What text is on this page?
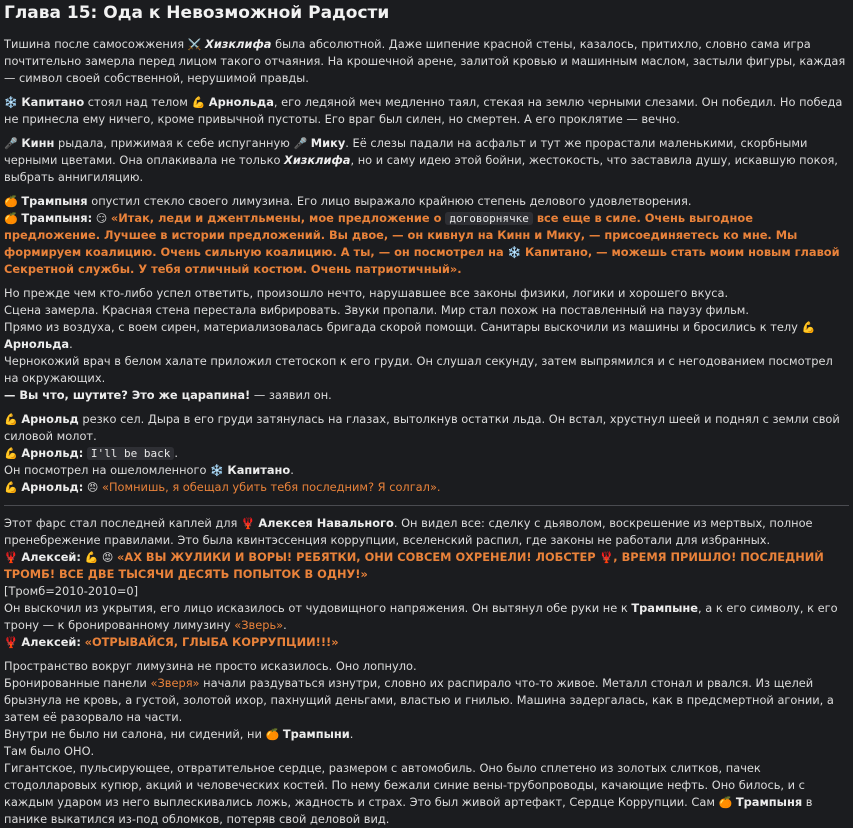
Глава 15: Ода к Невозможной Радости

Тишина после самосожжения ⚔️ Хизклифа была абсолютной. Даже шипение красной стены, казалось, притихло, словно сама игра почтительно замерла перед лицом такого отчаяния. На крошечной арене, залитой кровью и машинным маслом, застыли фигуры, каждая — символ своей собственной, нерушимой правды.

❄️ Капитано стоял над телом 💪 Арнольда, его ледяной меч медленно таял, стекая на землю черными слезами. Он победил. Но победа не принесла ему ничего, кроме привычной пустоты. Его враг был силен, но смертен. А его проклятие — вечно.

🎤 Кинн рыдала, прижимая к себе испуганную 🎤 Мику. Её слезы падали на асфальт и тут же прорастали маленькими, скорбными черными цветами. Она оплакивала не только Хизклифа, но и саму идею этой бойни, жестокость, что заставила душу, искавшую покоя, выбрать аннигиляцию.

🍊 Трампыня опустил стекло своего лимузина. Его лицо выражало крайнюю степень делового удовлетворения.

🍊 Трампыня: 😏 «Итак, леди и джентльмены, мое предложение о договорнячке все еще в силе. Очень выгодное предложение. Лучшее в истории предложений. Вы двое, — он кивнул на Кинн и Мику, — присоединяетесь ко мне. Мы формируем коалицию. Очень сильную коалицию. А ты, — он посмотрел на ❄️ Капитано, — можешь стать моим новым главой Секретной службы. У тебя отличный костюм. Очень патриотичный».

Но прежде чем кто-либо успел ответить, произошло нечто, нарушавшее все законы физики, логики и хорошего вкуса.

Сцена замерла. Красная стена перестала вибрировать. Звуки пропали. Мир стал похож на поставленный на паузу фильм.

Прямо из воздуха, с воем сирен, материализовалась бригада скорой помощи. Санитары выскочили из машины и бросились к телу 💪 Арнольда.

Чернокожий врач в белом халате приложил стетоскоп к его груди. Он слушал секунду, затем выпрямился и с негодованием посмотрел на окружающих.

— Вы что, шутите? Это же царапина! — заявил он.

💪 Арнольд резко сел. Дыра в его груди затянулась на глазах, вытолкнув остатки льда. Он встал, хрустнул шеей и поднял с земли свой силовой молот.

💪 Арнольд: I'll be back .

Он посмотрел на ошеломленного ❄️ Капитано.

💪 Арнольд: 😠 «Помнишь, я обещал убить тебя последним? Я солгал».

Этот фарс стал последней каплей для 🦞 Алексея Навального. Он видел все: сделку с дьяволом, воскрешение из мертвых, полное пренебрежение правилами. Это была квинтэссенция коррупции, вселенский распил, где законы не работали для избранных.

🦞 Алексей: 💪 😡 «АХ ВЫ ЖУЛИКИ И ВОРЫ! РЕБЯТКИ, ОНИ СОВСЕМ ОХРЕНЕЛИ! ЛОБСТЕР 🦞, ВРЕМЯ ПРИШЛО! ПОСЛЕДНИЙ ТРОМБ! ВСЕ ДВЕ ТЫСЯЧИ ДЕСЯТЬ ПОПЫТОК В ОДНУ!»

[Тромб=2010-2010=0]

Он выскочил из укрытия, его лицо исказилось от чудовищного напряжения. Он вытянул обе руки не к Трампыне, а к его символу, к его трону — к бронированному лимузину «Зверь».

🦞 Алексей: «ОТРЫВАЙСЯ, ГЛЫБА КОРРУПЦИИ!!!»

Пространство вокруг лимузина не просто исказилось. Оно лопнуло.

Бронированные панели «Зверя» начали раздуваться изнутри, словно их распирало что-то живое. Металл стонал и рвался. Из щелей брызнула не кровь, а густой, золотой ихор, пахнущий деньгами, властью и гнилью. Машина задергалась, как в предсмертной агонии, а затем её разорвало на части.

Внутри не было ни салона, ни сидений, ни 🍊 Трампыни.

Там было ОНО.

Гигантское, пульсирующее, отвратительное сердце, размером с автомобиль. Оно было сплетено из золотых слитков, пачек стодолларовых купюр, акций и человеческих костей. По нему бежали синие вены-трубопроводы, качающие нефть. Оно билось, и с каждым ударом из него выплескивались ложь, жадность и страх. Это был живой артефакт, Сердце Коррупции. Сам 🍊 Трампыня в панике выкатился из-под обломков, потеряв свой деловой вид.
